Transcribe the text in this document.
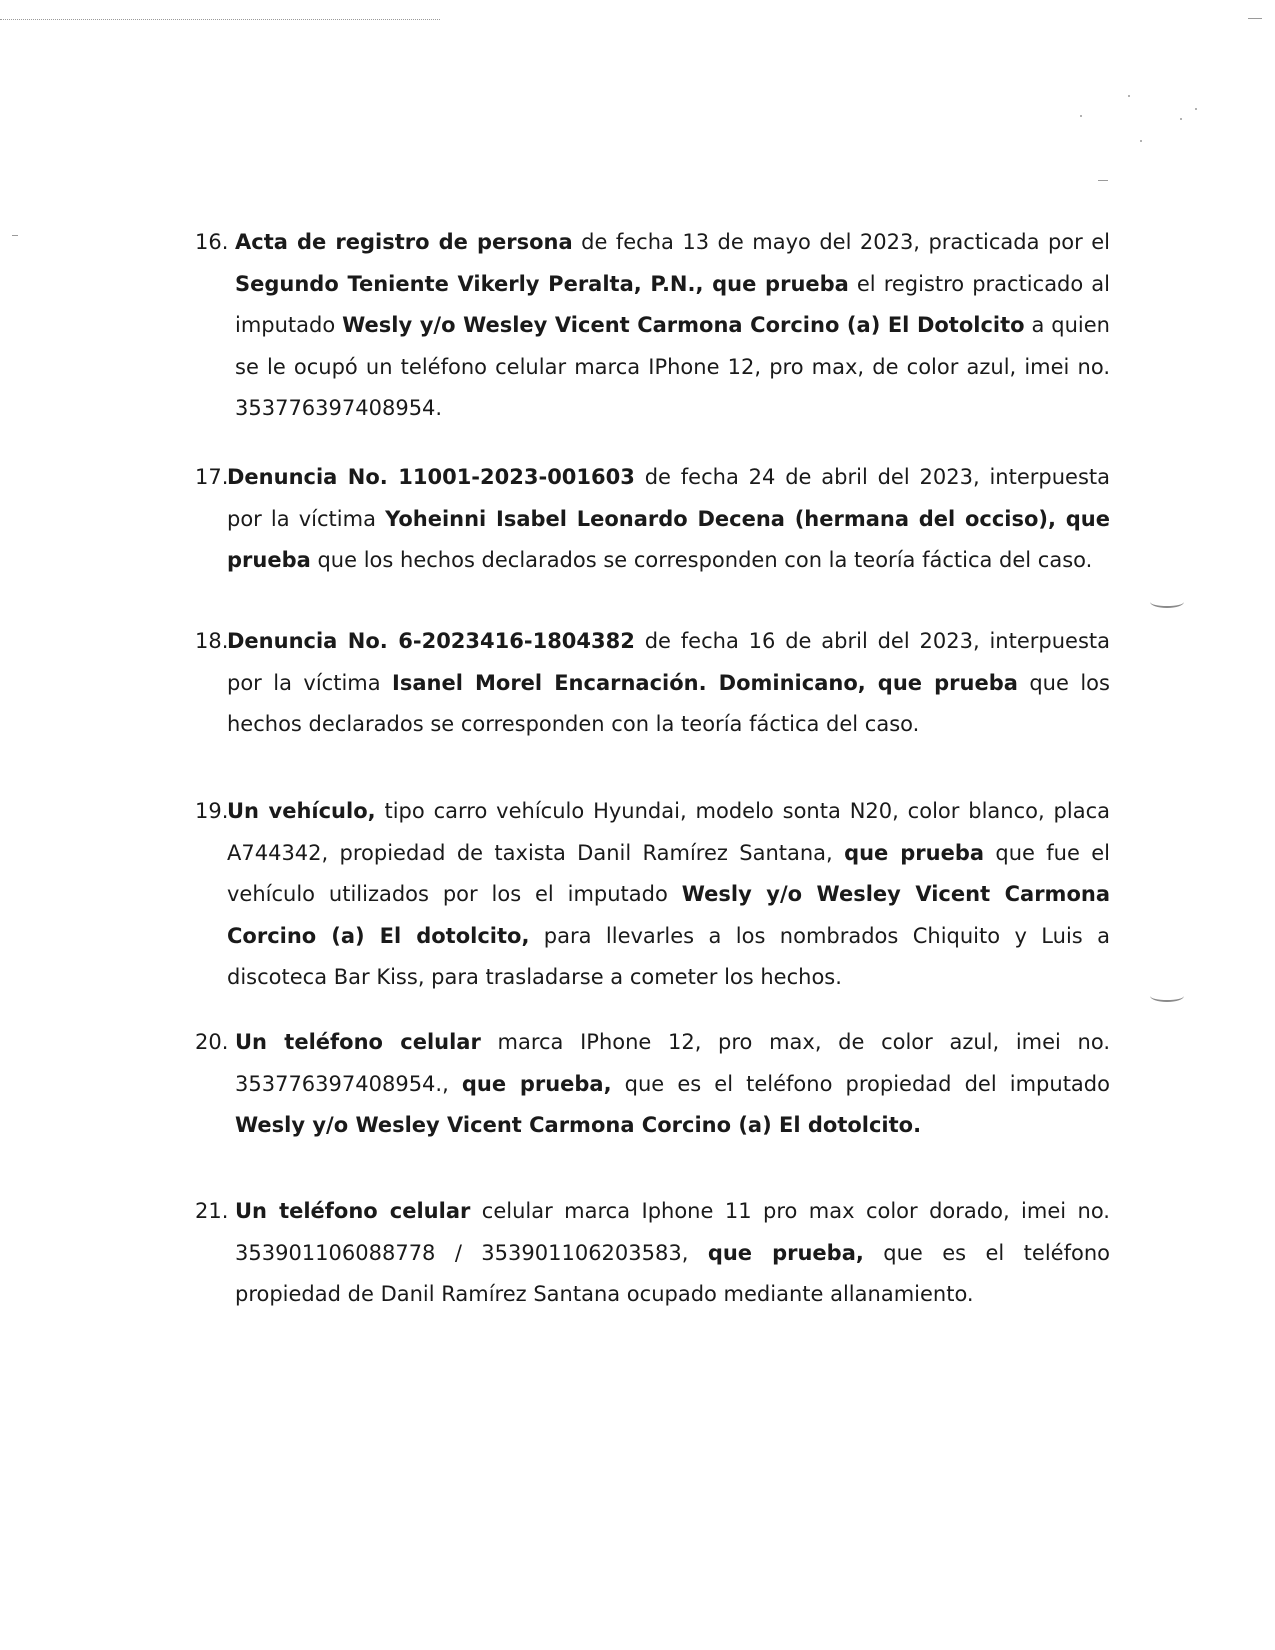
16. Acta de registro de persona de fecha 13 de mayo del 2023, practicada por el Segundo Teniente Vikerly Peralta, P.N., que prueba el registro practicado al imputado Wesly y/o Wesley Vicent Carmona Corcino (a) El Dotolcito a quien se le ocupó un teléfono celular marca IPhone 12, pro max, de color azul, imei no. 353776397408954.
17.
Denuncia No. 11001-2023-001603 de fecha 24 de abril del 2023, interpuesta por la víctima Yoheinni Isabel Leonardo Decena (hermana del occiso), que prueba que los hechos declarados se corresponden con la teoría fáctica del caso.
18.
Denuncia No. 6-2023416-1804382 de fecha 16 de abril del 2023, interpuesta por la víctima Isanel Morel Encarnación. Dominicano, que prueba que los hechos declarados se corresponden con la teoría fáctica del caso.
19.
Un vehículo, tipo carro vehículo Hyundai, modelo sonta N20, color blanco, placa A744342, propiedad de taxista Danil Ramírez Santana, que prueba que fue el vehículo utilizados por los el imputado Wesly y/o Wesley Vicent Carmona Corcino (a) El dotolcito, para llevarles a los nombrados Chiquito y Luis a discoteca Bar Kiss, para trasladarse a cometer los hechos.
20. Un teléfono celular marca IPhone 12, pro max, de color azul, imei no. 353776397408954., que prueba, que es el teléfono propiedad del imputado Wesly y/o Wesley Vicent Carmona Corcino (a) El dotolcito.
21. Un teléfono celular celular marca Iphone 11 pro max color dorado, imei no. 353901106088778 / 353901106203583, que prueba, que es el teléfono propiedad de Danil Ramírez Santana ocupado mediante allanamiento.
